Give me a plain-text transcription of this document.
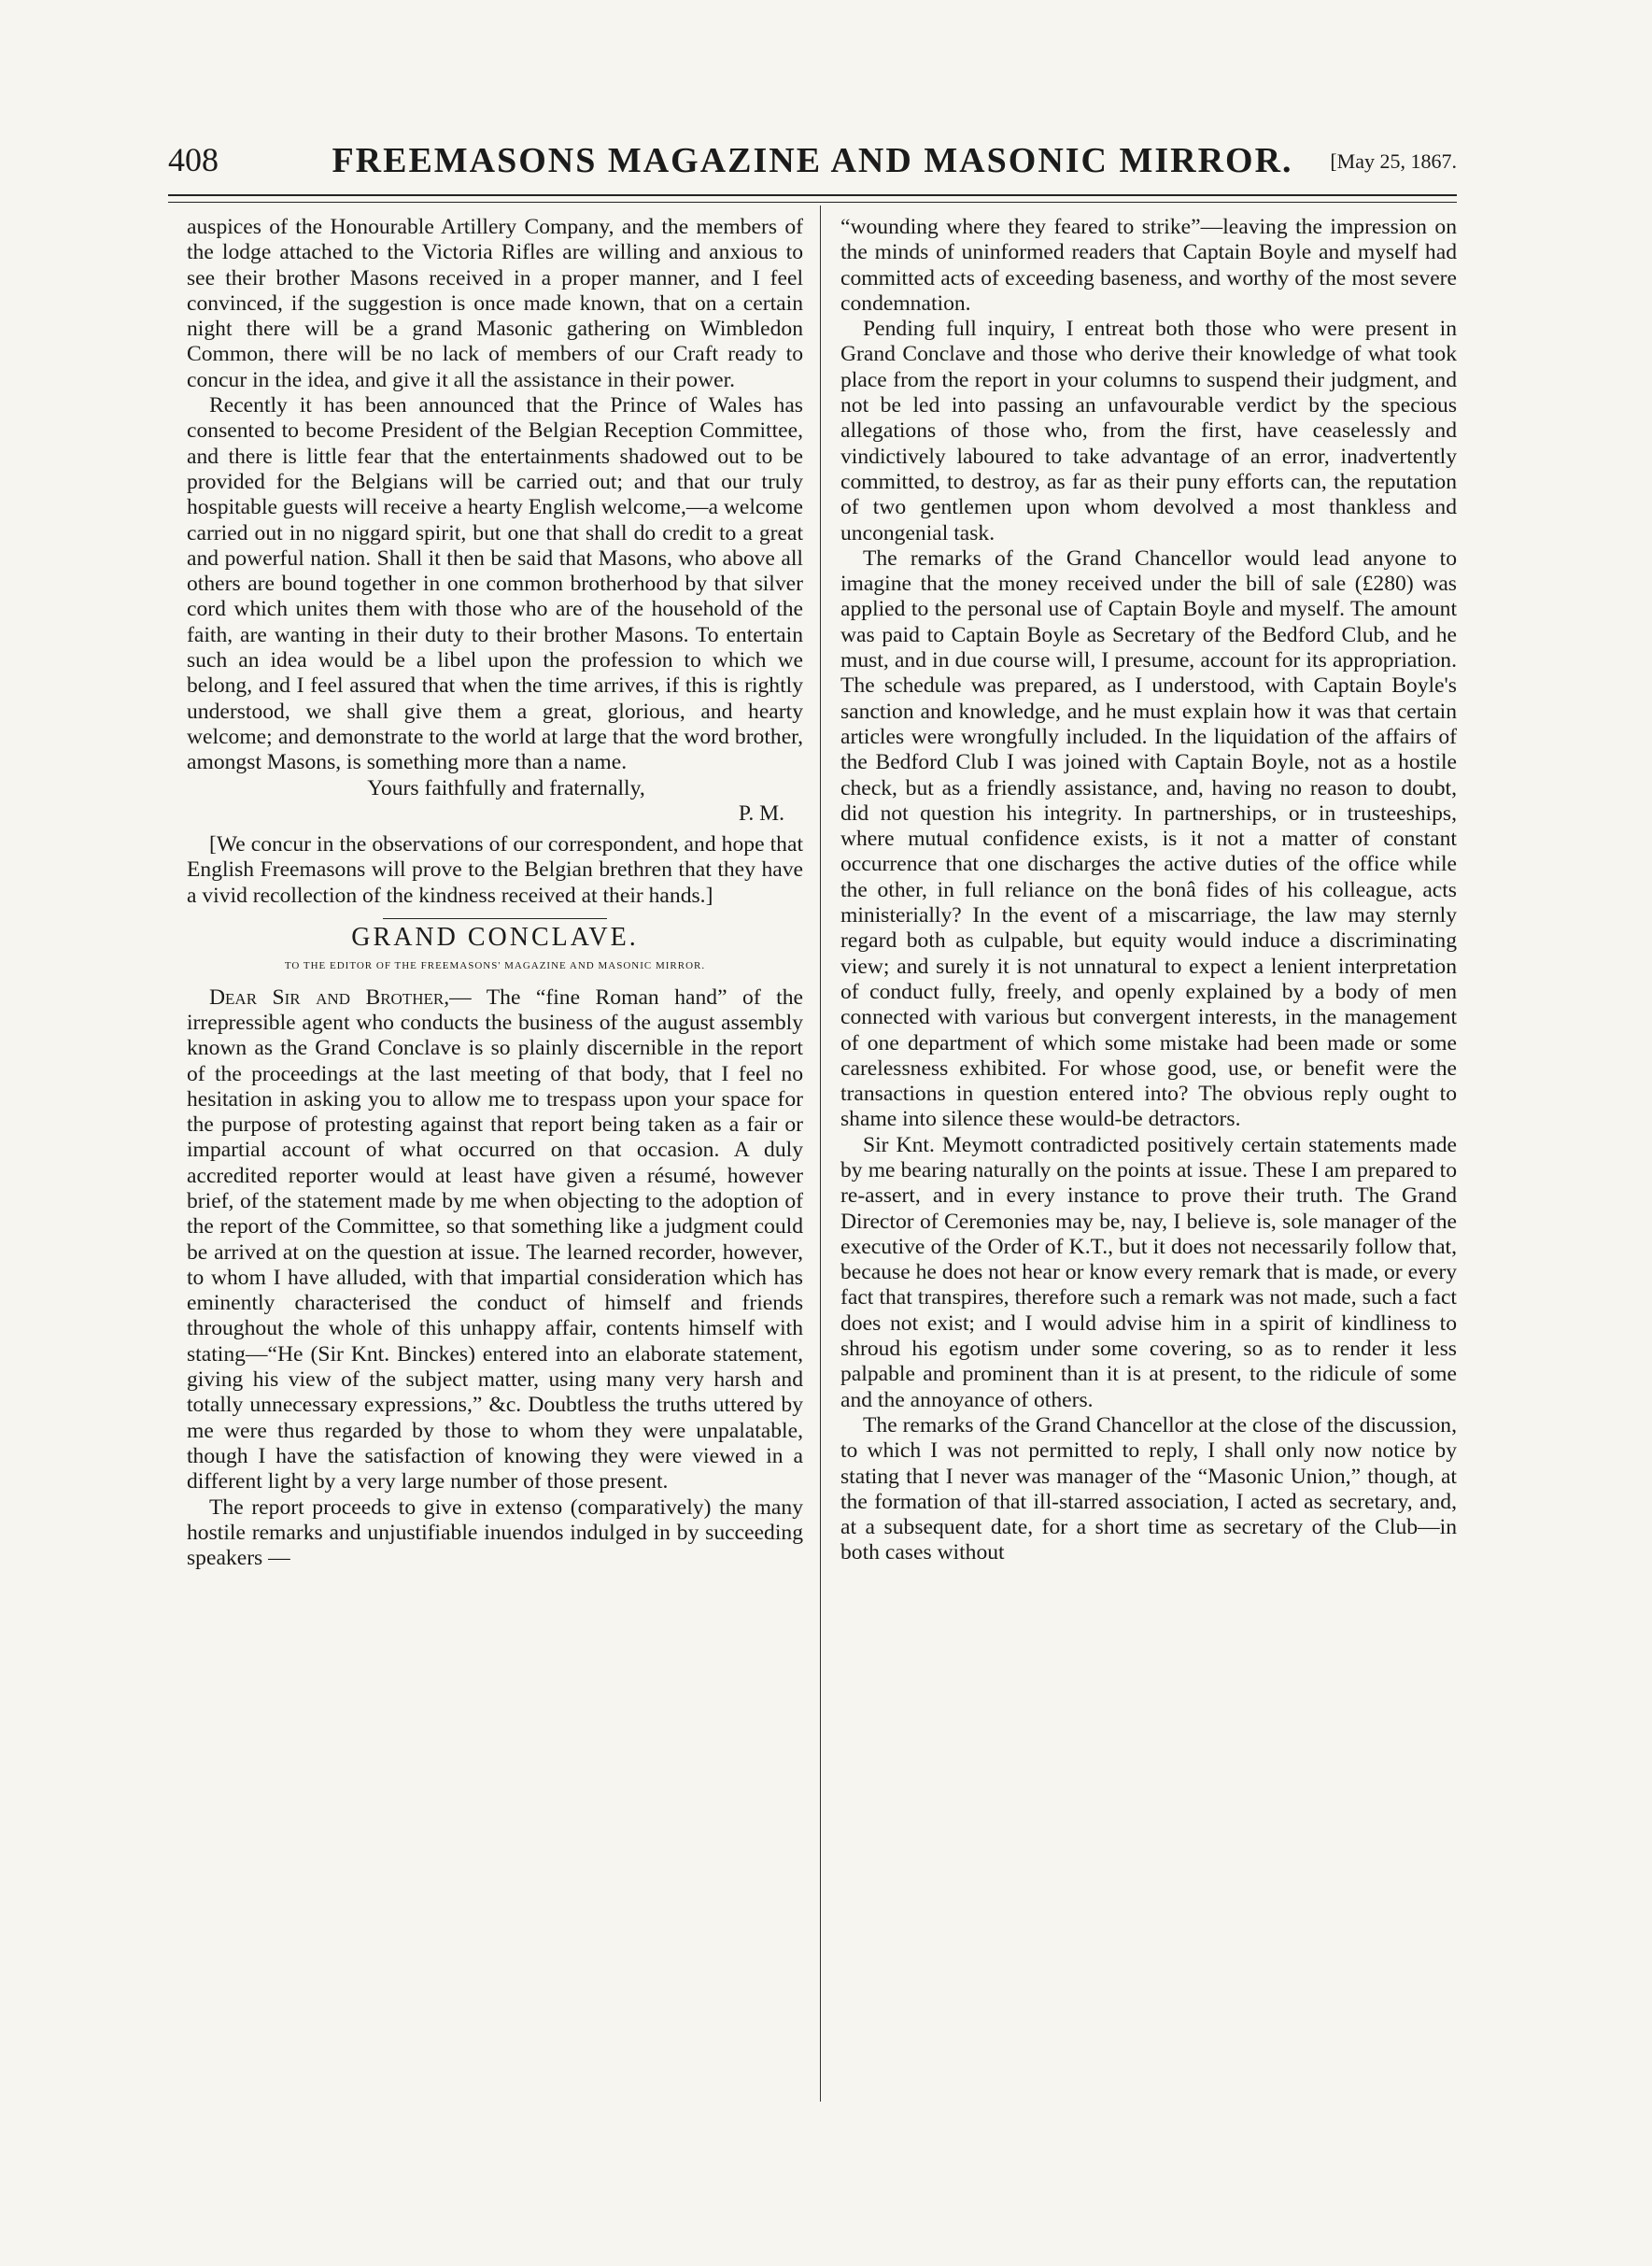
408	FREEMASONS MAGAZINE AND MASONIC MIRROR.	[May 25, 1867.

auspices of the Honourable Artillery Company, and the members of the lodge attached to the Victoria Rifles are willing and anxious to see their brother Masons received in a proper manner, and I feel convinced, if the suggestion is once made known, that on a certain night there will be a grand Masonic gathering on Wimbledon Common, there will be no lack of members of our Craft ready to concur in the idea, and give it all the assistance in their power.

Recently it has been announced that the Prince of Wales has consented to become President of the Belgian Reception Committee, and there is little fear that the entertainments shadowed out to be provided for the Belgians will be carried out; and that our truly hospitable guests will receive a hearty English welcome,—a welcome carried out in no niggard spirit, but one that shall do credit to a great and powerful nation. Shall it then be said that Masons, who above all others are bound together in one common brotherhood by that silver cord which unites them with those who are of the household of the faith, are wanting in their duty to their brother Masons. To entertain such an idea would be a libel upon the profession to which we belong, and I feel assured that when the time arrives, if this is rightly understood, we shall give them a great, glorious, and hearty welcome; and demonstrate to the world at large that the word brother, amongst Masons, is something more than a name.

Yours faithfully and fraternally,

P. M.

[We concur in the observations of our correspondent, and hope that English Freemasons will prove to the Belgian brethren that they have a vivid recollection of the kindness received at their hands.]

GRAND CONCLAVE.
TO THE EDITOR OF THE FREEMASONS' MAGAZINE AND MASONIC MIRROR.

Dear Sir and Brother,— The “fine Roman hand” of the irrepressible agent who conducts the business of the august assembly known as the Grand Conclave is so plainly discernible in the report of the proceedings at the last meeting of that body, that I feel no hesitation in asking you to allow me to trespass upon your space for the purpose of protesting against that report being taken as a fair or impartial account of what occurred on that occasion. A duly accredited reporter would at least have given a résumé, however brief, of the statement made by me when objecting to the adoption of the report of the Committee, so that something like a judgment could be arrived at on the question at issue. The learned recorder, however, to whom I have alluded, with that impartial consideration which has eminently characterised the conduct of himself and friends throughout the whole of this unhappy affair, contents himself with stating—“He (Sir Knt. Binckes) entered into an elaborate statement, giving his view of the subject matter, using many very harsh and totally unnecessary expressions,” &c. Doubtless the truths uttered by me were thus regarded by those to whom they were unpalatable, though I have the satisfaction of knowing they were viewed in a different light by a very large number of those present.

The report proceeds to give in extenso (comparatively) the many hostile remarks and unjustifiable inuendos indulged in by succeeding speakers —

“wounding where they feared to strike”—leaving the impression on the minds of uninformed readers that Captain Boyle and myself had committed acts of exceeding baseness, and worthy of the most severe condemnation.

Pending full inquiry, I entreat both those who were present in Grand Conclave and those who derive their knowledge of what took place from the report in your columns to suspend their judgment, and not be led into passing an unfavourable verdict by the specious allegations of those who, from the first, have ceaselessly and vindictively laboured to take advantage of an error, inadvertently committed, to destroy, as far as their puny efforts can, the reputation of two gentlemen upon whom devolved a most thankless and uncongenial task.

The remarks of the Grand Chancellor would lead anyone to imagine that the money received under the bill of sale (£280) was applied to the personal use of Captain Boyle and myself. The amount was paid to Captain Boyle as Secretary of the Bedford Club, and he must, and in due course will, I presume, account for its appropriation. The schedule was prepared, as I understood, with Captain Boyle's sanction and knowledge, and he must explain how it was that certain articles were wrongfully included. In the liquidation of the affairs of the Bedford Club I was joined with Captain Boyle, not as a hostile check, but as a friendly assistance, and, having no reason to doubt, did not question his integrity. In partnerships, or in trusteeships, where mutual confidence exists, is it not a matter of constant occurrence that one discharges the active duties of the office while the other, in full reliance on the bonâ fides of his colleague, acts ministerially? In the event of a miscarriage, the law may sternly regard both as culpable, but equity would induce a discriminating view; and surely it is not unnatural to expect a lenient interpretation of conduct fully, freely, and openly explained by a body of men connected with various but convergent interests, in the management of one department of which some mistake had been made or some carelessness exhibited. For whose good, use, or benefit were the transactions in question entered into? The obvious reply ought to shame into silence these would-be detractors.

Sir Knt. Meymott contradicted positively certain statements made by me bearing naturally on the points at issue. These I am prepared to re-assert, and in every instance to prove their truth. The Grand Director of Ceremonies may be, nay, I believe is, sole manager of the executive of the Order of K.T., but it does not necessarily follow that, because he does not hear or know every remark that is made, or every fact that transpires, therefore such a remark was not made, such a fact does not exist; and I would advise him in a spirit of kindliness to shroud his egotism under some covering, so as to render it less palpable and prominent than it is at present, to the ridicule of some and the annoyance of others.

The remarks of the Grand Chancellor at the close of the discussion, to which I was not permitted to reply, I shall only now notice by stating that I never was manager of the “Masonic Union,” though, at the formation of that ill-starred association, I acted as secretary, and, at a subsequent date, for a short time as secretary of the Club—in both cases without
